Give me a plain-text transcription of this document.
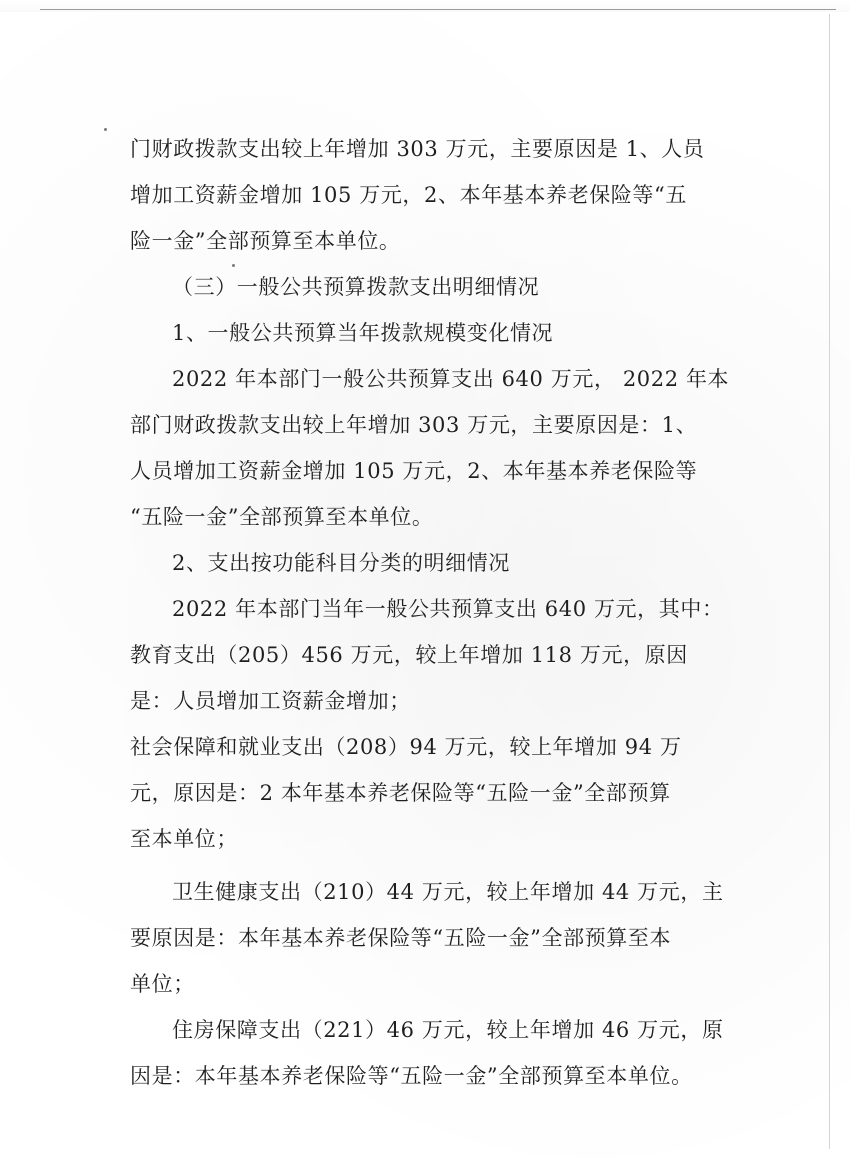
门财政拨款支出较上年增加 303 万元，主要原因是 1、人员
增加工资薪金增加 105 万元，2、本年基本养老保险等“五
险一金”全部预算至本单位。
（三）一般公共预算拨款支出明细情况
1、一般公共预算当年拨款规模变化情况
2022 年本部门一般公共预算支出 640 万元， 2022 年本
部门财政拨款支出较上年增加 303 万元，主要原因是：1、
人员增加工资薪金增加 105 万元，2、本年基本养老保险等
“五险一金”全部预算至本单位。
2、支出按功能科目分类的明细情况
2022 年本部门当年一般公共预算支出 640 万元，其中：
教育支出（205）456 万元，较上年增加 118 万元，原因
是：人员增加工资薪金增加；
社会保障和就业支出（208）94 万元，较上年增加 94 万
元，原因是：2 本年基本养老保险等“五险一金”全部预算
至本单位；
卫生健康支出（210）44 万元，较上年增加 44 万元，主
要原因是：本年基本养老保险等“五险一金”全部预算至本
单位；
住房保障支出（221）46 万元，较上年增加 46 万元，原
因是：本年基本养老保险等“五险一金”全部预算至本单位。
